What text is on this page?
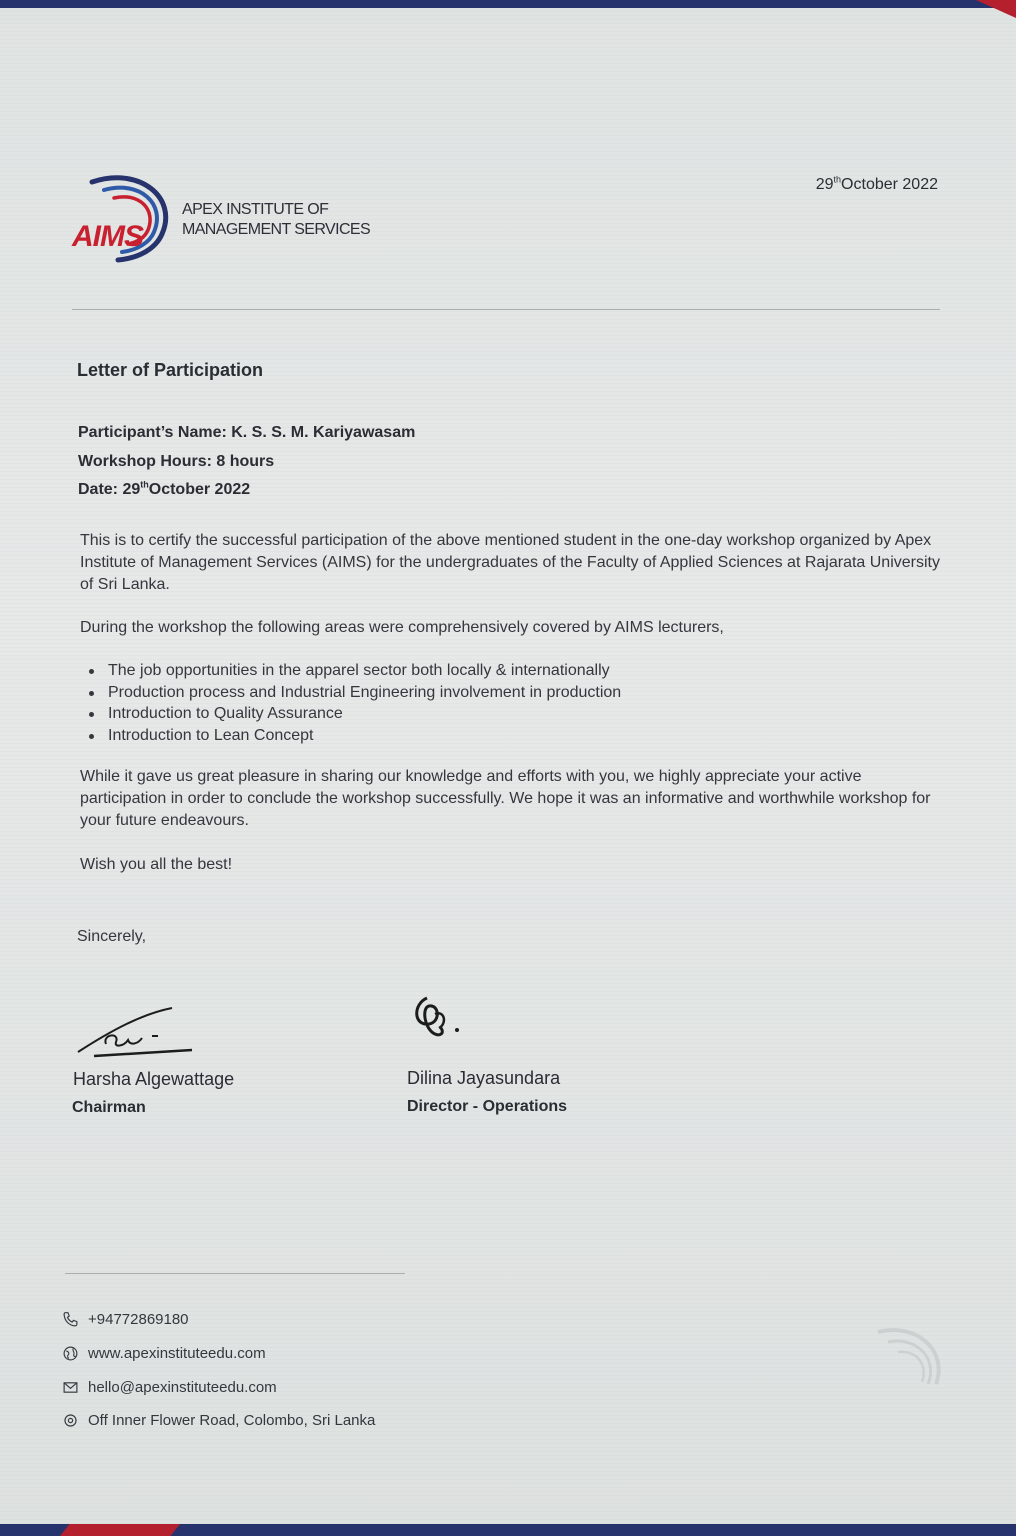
AIMS
APEX INSTITUTE OF
MANAGEMENT SERVICES
29thOctober 2022
Letter of Participation
Participant’s Name: K. S. S. M. Kariyawasam
Workshop Hours: 8 hours
Date: 29thOctober 2022
This is to certify the successful participation of the above mentioned student in the one-day workshop organized by Apex Institute of Management Services (AIMS) for the undergraduates of the Faculty of Applied Sciences at Rajarata University of Sri Lanka.
During the workshop the following areas were comprehensively covered by AIMS lecturers,
The job opportunities in the apparel sector both locally & internationally
Production process and Industrial Engineering involvement in production
Introduction to Quality Assurance
Introduction to Lean Concept
While it gave us great pleasure in sharing our knowledge and efforts with you, we highly appreciate your active participation in order to conclude the workshop successfully. We hope it was an informative and worthwhile workshop for your future endeavours.
Wish you all the best!
Sincerely,
Harsha Algewattage
Chairman
Dilina Jayasundara
Director - Operations
+94772869180
www.apexinstituteedu.com
hello@apexinstituteedu.com
Off Inner Flower Road, Colombo, Sri Lanka
